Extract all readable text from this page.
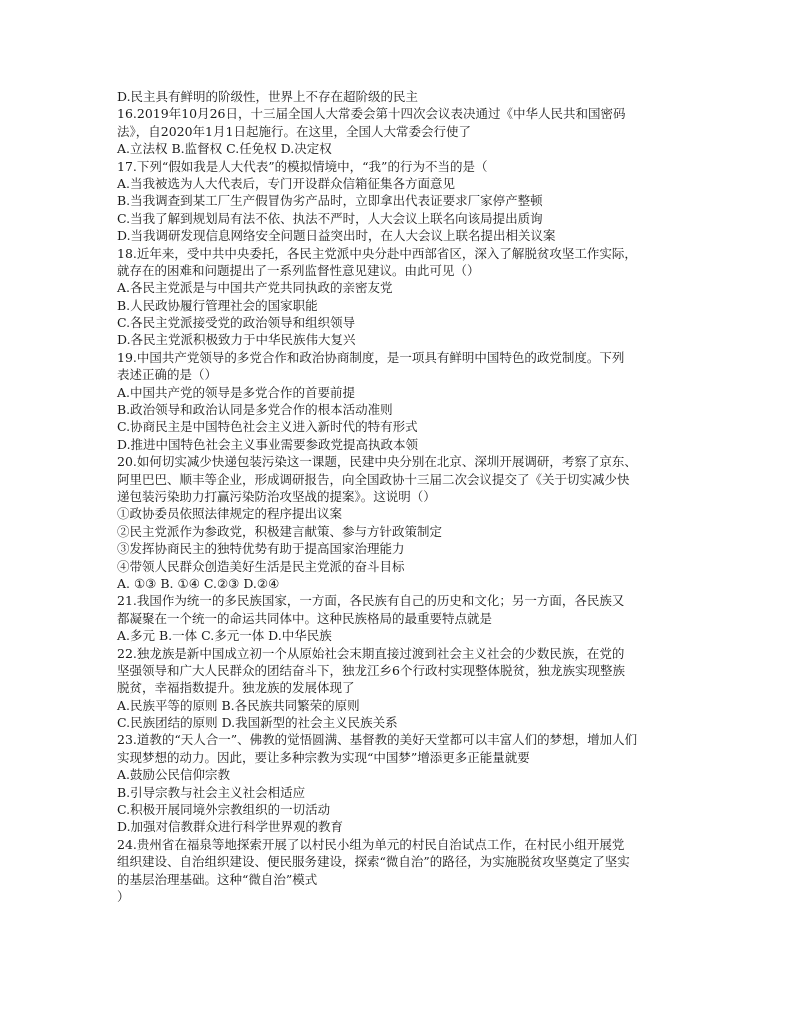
D.民主具有鲜明的阶级性，世界上不存在超阶级的民主
16.2019年10月26日，十三届全国人大常委会第十四次会议表决通过《中华人民共和国密码
法》，自2020年1月1日起施行。在这里，全国人大常委会行使了
A.立法权 B.监督权 C.任免权 D.决定权
17.下列“假如我是人大代表”的模拟情境中，“我”的行为不当的是（
A.当我被选为人大代表后，专门开设群众信箱征集各方面意见
B.当我调查到某工厂生产假冒伪劣产品时，立即拿出代表证要求厂家停产整顿
C.当我了解到规划局有法不依、执法不严时，人大会议上联名向该局提出质询
D.当我调研发现信息网络安全问题日益突出时，在人大会议上联名提出相关议案
18.近年来，受中共中央委托，各民主党派中央分赴中西部省区，深入了解脱贫攻坚工作实际，
就存在的困难和问题提出了一系列监督性意见建议。由此可见（）
A.各民主党派是与中国共产党共同执政的亲密友党
B.人民政协履行管理社会的国家职能
C.各民主党派接受党的政治领导和组织领导
D.各民主党派积极致力于中华民族伟大复兴
19.中国共产党领导的多党合作和政治协商制度，是一项具有鲜明中国特色的政党制度。下列
表述正确的是（）
A.中国共产党的领导是多党合作的首要前提
B.政治领导和政治认同是多党合作的根本活动准则
C.协商民主是中国特色社会主义进入新时代的特有形式
D.推进中国特色社会主义事业需要参政党提高执政本领
20.如何切实减少快递包装污染这一课题，民建中央分别在北京、深圳开展调研，考察了京东、
阿里巴巴、顺丰等企业，形成调研报告，向全国政协十三届二次会议提交了《关于切实减少快
递包装污染助力打赢污染防治攻坚战的提案》。这说明（）
①政协委员依照法律规定的程序提出议案
②民主党派作为参政党，积极建言献策、参与方针政策制定
③发挥协商民主的独特优势有助于提高国家治理能力
④带领人民群众创造美好生活是民主党派的奋斗目标
A. ①③ B. ①④ C.②③ D.②④
21.我国作为统一的多民族国家，一方面，各民族有自己的历史和文化；另一方面，各民族又
都凝聚在一个统一的命运共同体中。这种民族格局的最重要特点就是
A.多元 B.一体 C.多元一体 D.中华民族
22.独龙族是新中国成立初一个从原始社会末期直接过渡到社会主义社会的少数民族，在党的
坚强领导和广大人民群众的团结奋斗下，独龙江乡6个行政村实现整体脱贫，独龙族实现整族
脱贫，幸福指数提升。独龙族的发展体现了
A.民族平等的原则 B.各民族共同繁荣的原则
C.民族团结的原则 D.我国新型的社会主义民族关系
23.道教的“天人合一”、佛教的觉悟圆满、基督教的美好天堂都可以丰富人们的梦想，增加人们
实现梦想的动力。因此，要让多种宗教为实现“中国梦”增添更多正能量就要
A.鼓励公民信仰宗教
B.引导宗教与社会主义社会相适应
C.积极开展同境外宗教组织的一切活动
D.加强对信教群众进行科学世界观的教育
24.贵州省在福泉等地探索开展了以村民小组为单元的村民自治试点工作，在村民小组开展党
组织建设、自治组织建设、便民服务建设，探索“微自治”的路径，为实施脱贫攻坚奠定了坚实
的基层治理基础。这种“微自治”模式
）
